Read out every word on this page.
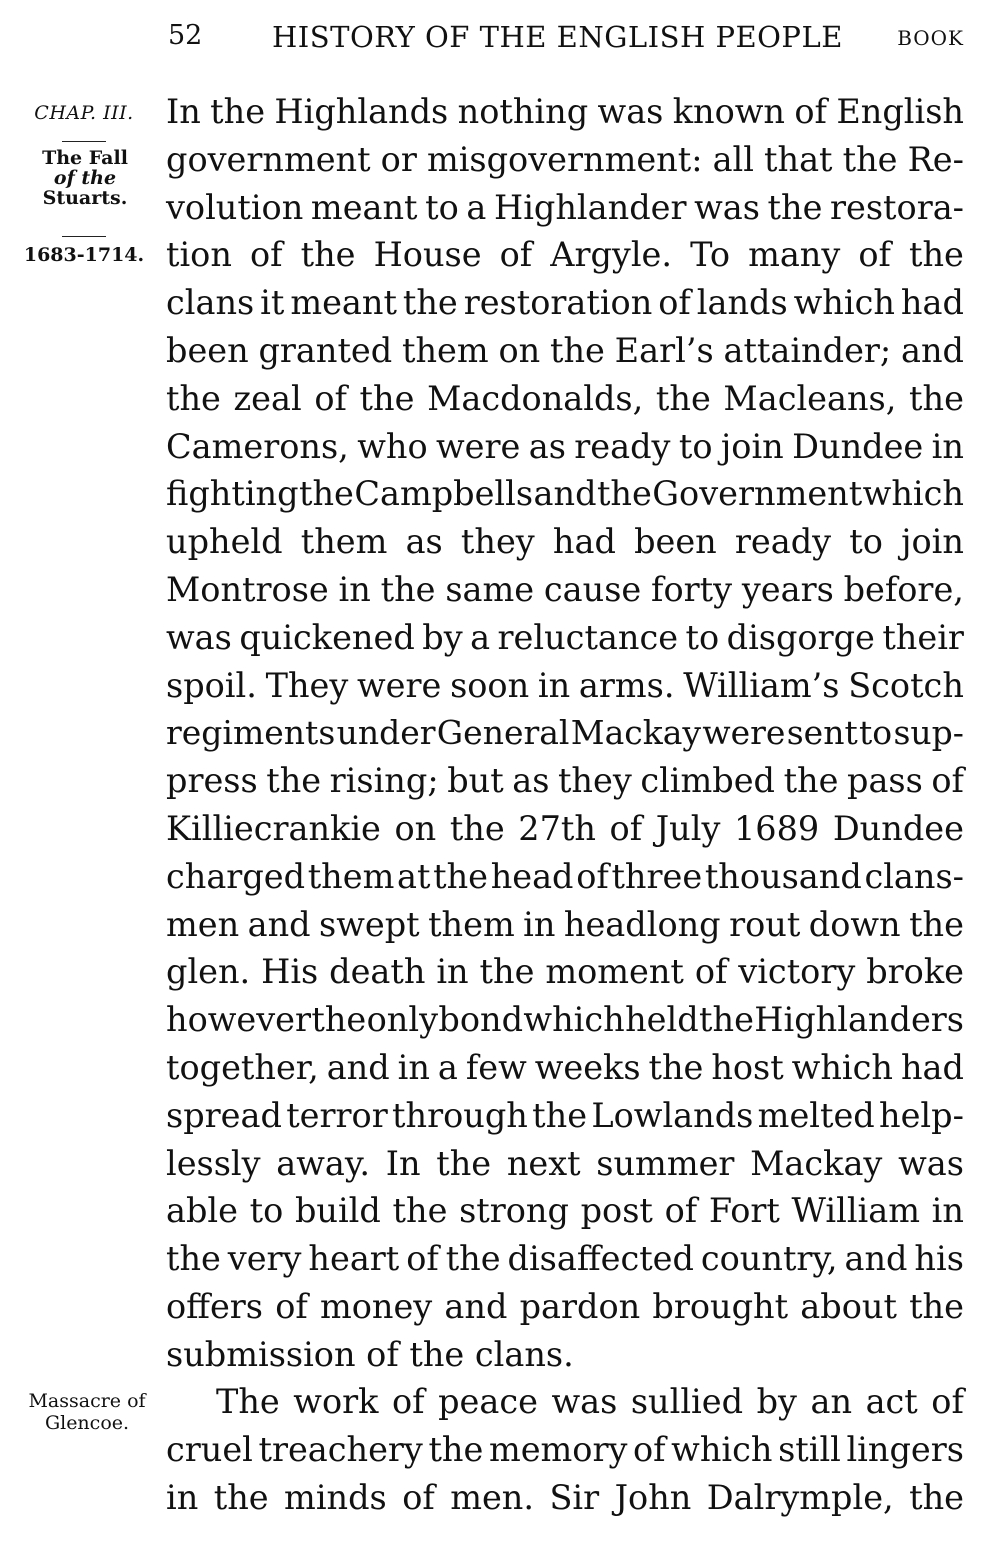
52 HISTORY OF THE ENGLISH PEOPLE	BOOK
CHAP. III.
The Fall
of the
Stuarts.
1683-1714.
Massacre of
Glencoe.
In the Highlands nothing was known of English
government or misgovernment: all that the Re-
volution meant to a Highlander was the restora-
tion of the House of Argyle. To many of the
clans it meant the restoration of lands which had
been granted them on the Earl’s attainder; and
the zeal of the Macdonalds, the Macleans, the
Camerons, who were as ready to join Dundee in
fighting the Campbells and the Government which
upheld them as they had been ready to join
Montrose in the same cause forty years before,
was quickened by a reluctance to disgorge their
spoil. They were soon in arms. William’s Scotch
regiments under General Mackay were sent to sup-
press the rising; but as they climbed the pass of
Killiecrankie on the 27th of July 1689 Dundee
charged them at the head of three thousand clans-
men and swept them in headlong rout down the
glen. His death in the moment of victory broke
however the only bond which held the Highlanders
together, and in a few weeks the host which had
spread terror through the Lowlands melted help-
lessly away. In the next summer Mackay was
able to build the strong post of Fort William in
the very heart of the disaffected country, and his
offers of money and pardon brought about the
submission of the clans.
The work of peace was sullied by an act of
cruel treachery the memory of which still lingers
in the minds of men. Sir John Dalrymple, the
